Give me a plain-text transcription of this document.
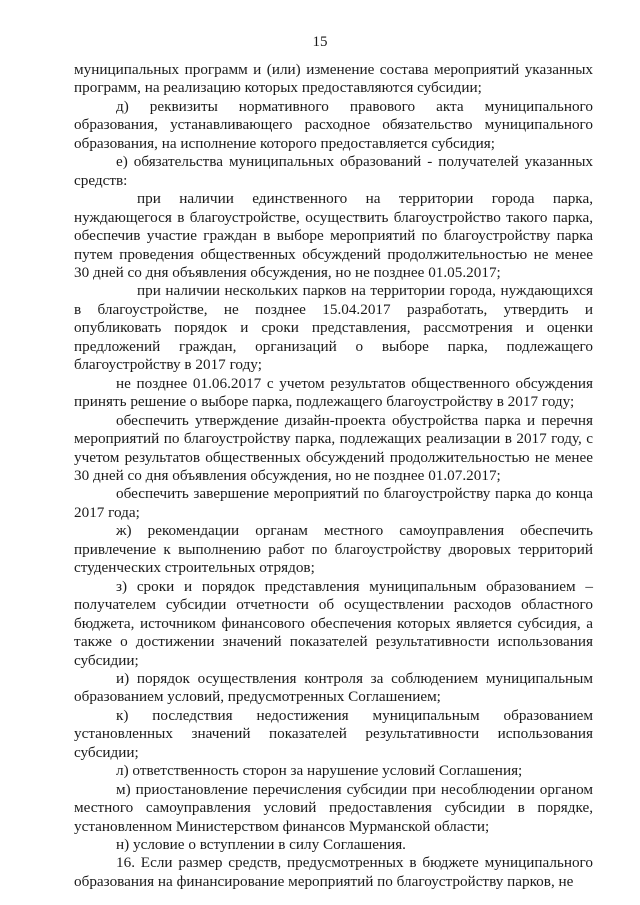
15

муниципальных программ и (или) изменение состава мероприятий указанных программ, на реализацию которых предоставляются субсидии;

д) реквизиты нормативного правового акта муниципального образования, устанавливающего расходное обязательство муниципального образования, на исполнение которого предоставляется субсидия;

е) обязательства муниципальных образований - получателей указанных средств:

при наличии единственного на территории города парка, нуждающегося в благоустройстве, осуществить благоустройство такого парка, обеспечив участие граждан в выборе мероприятий по благоустройству парка путем проведения общественных обсуждений продолжительностью не менее 30 дней со дня объявления обсуждения, но не позднее 01.05.2017;

при наличии нескольких парков на территории города, нуждающихся в благоустройстве, не позднее 15.04.2017 разработать, утвердить и опубликовать порядок и сроки представления, рассмотрения и оценки предложений граждан, организаций о выборе парка, подлежащего благоустройству в 2017 году;

не позднее 01.06.2017 с учетом результатов общественного обсуждения принять решение о выборе парка, подлежащего благоустройству в 2017 году;

обеспечить утверждение дизайн-проекта обустройства парка и перечня мероприятий по благоустройству парка, подлежащих реализации в 2017 году, с учетом результатов общественных обсуждений продолжительностью не менее 30 дней со дня объявления обсуждения, но не позднее 01.07.2017;

обеспечить завершение мероприятий по благоустройству парка до конца 2017 года;

ж) рекомендации органам местного самоуправления обеспечить привлечение к выполнению работ по благоустройству дворовых территорий студенческих строительных отрядов;

з) сроки и порядок представления муниципальным образованием – получателем субсидии отчетности об осуществлении расходов областного бюджета, источником финансового обеспечения которых является субсидия, а также о достижении значений показателей результативности использования субсидии;

и) порядок осуществления контроля за соблюдением муниципальным образованием условий, предусмотренных Соглашением;

к) последствия недостижения муниципальным образованием установленных значений показателей результативности использования субсидии;

л) ответственность сторон за нарушение условий Соглашения;

м) приостановление перечисления субсидии при несоблюдении органом местного самоуправления условий предоставления субсидии в порядке, установленном Министерством финансов Мурманской области;

н) условие о вступлении в силу Соглашения.

16. Если размер средств, предусмотренных в бюджете муниципального образования на финансирование мероприятий по благоустройству парков, не
